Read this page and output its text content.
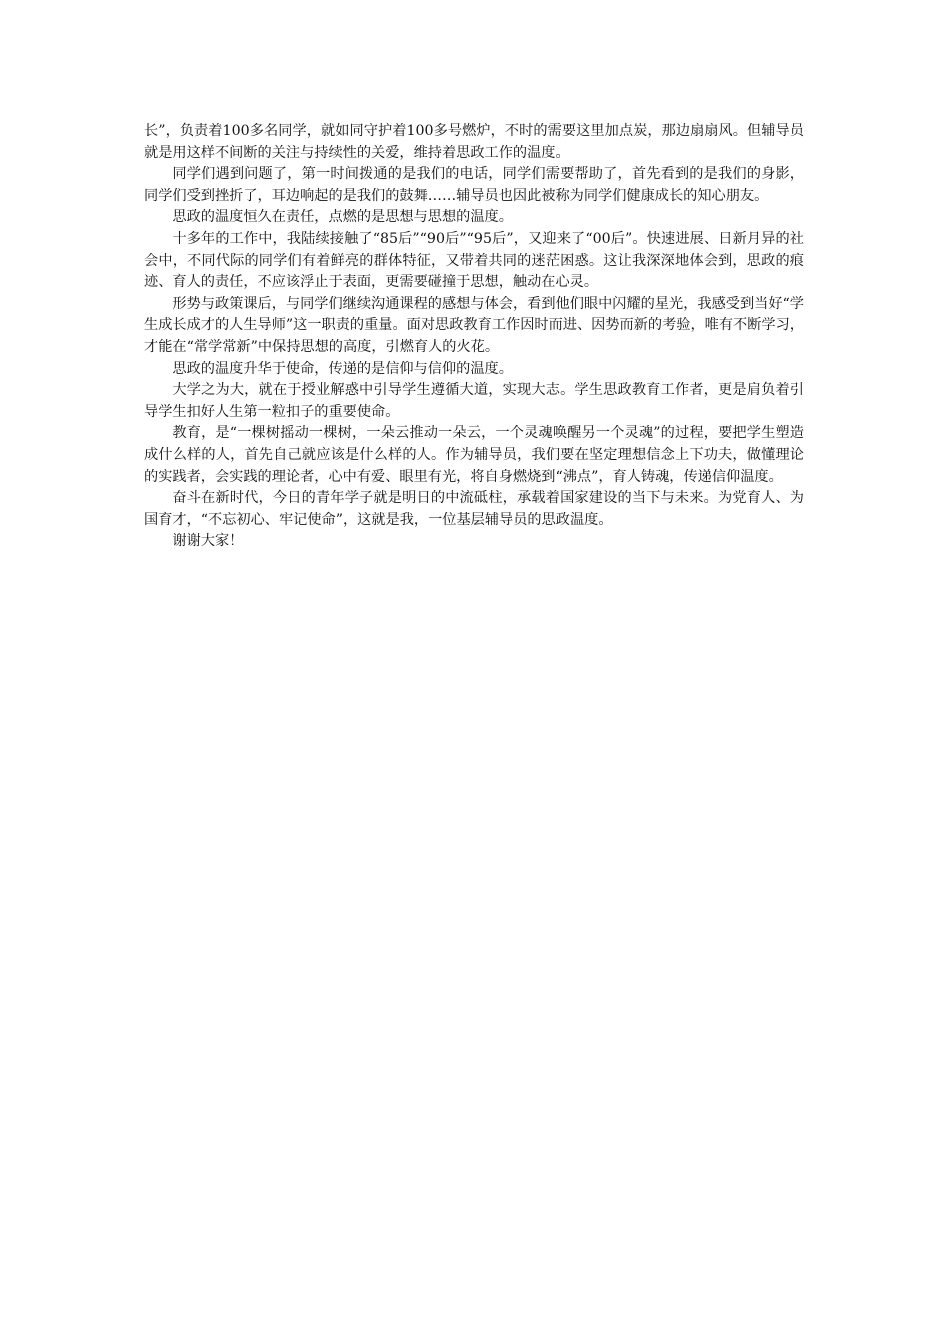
长”，负责着100多名同学，就如同守护着100多号燃炉，不时的需要这里加点炭，那边扇扇风。但辅导员就是用这样不间断的关注与持续性的关爱，维持着思政工作的温度。

同学们遇到问题了，第一时间拨通的是我们的电话，同学们需要帮助了，首先看到的是我们的身影，同学们受到挫折了，耳边响起的是我们的鼓舞……辅导员也因此被称为同学们健康成长的知心朋友。

思政的温度恒久在责任，点燃的是思想与思想的温度。

十多年的工作中，我陆续接触了“85后”“90后”“95后”，又迎来了“00后”。快速进展、日新月异的社会中，不同代际的同学们有着鲜亮的群体特征，又带着共同的迷茫困惑。这让我深深地体会到，思政的痕迹、育人的责任，不应该浮止于表面，更需要碰撞于思想，触动在心灵。

形势与政策课后，与同学们继续沟通课程的感想与体会，看到他们眼中闪耀的星光，我感受到当好“学生成长成才的人生导师”这一职责的重量。面对思政教育工作因时而进、因势而新的考验，唯有不断学习，才能在“常学常新”中保持思想的高度，引燃育人的火花。

思政的温度升华于使命，传递的是信仰与信仰的温度。

大学之为大，就在于授业解惑中引导学生遵循大道，实现大志。学生思政教育工作者，更是肩负着引导学生扣好人生第一粒扣子的重要使命。

教育，是“一棵树摇动一棵树，一朵云推动一朵云，一个灵魂唤醒另一个灵魂”的过程，要把学生塑造成什么样的人，首先自己就应该是什么样的人。作为辅导员，我们要在坚定理想信念上下功夫，做懂理论的实践者，会实践的理论者，心中有爱、眼里有光，将自身燃烧到“沸点”，育人铸魂，传递信仰温度。

奋斗在新时代，今日的青年学子就是明日的中流砥柱，承载着国家建设的当下与未来。为党育人、为国育才，“不忘初心、牢记使命”，这就是我，一位基层辅导员的思政温度。

谢谢大家！
